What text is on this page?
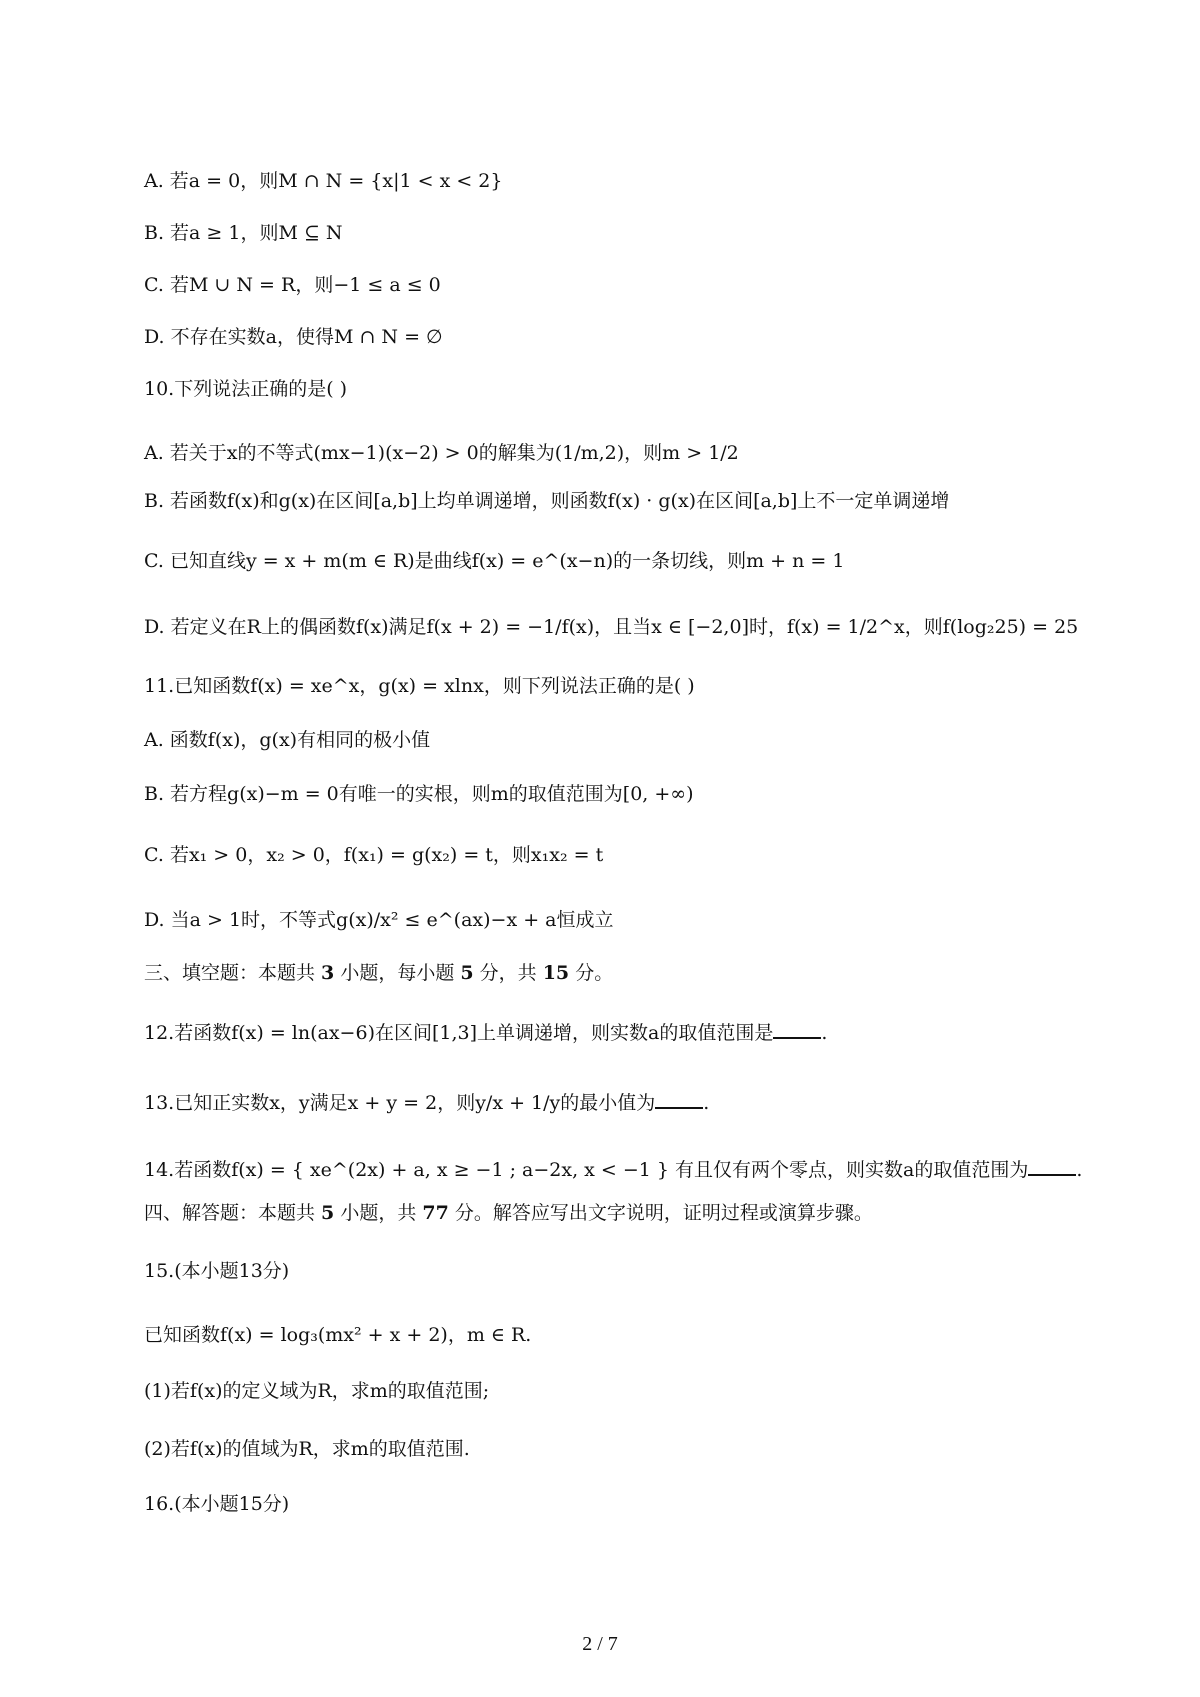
A. 若a = 0，则M ∩ N = {x|1 < x < 2}
B. 若a ≥ 1，则M ⊆ N
C. 若M ∪ N = R，则−1 ≤ a ≤ 0
D. 不存在实数a，使得M ∩ N = ∅
10.下列说法正确的是( )
A. 若关于x的不等式(mx−1)(x−2) > 0的解集为(1/m,2)，则m > 1/2
B. 若函数f(x)和g(x)在区间[a,b]上均单调递增，则函数f(x) · g(x)在区间[a,b]上不一定单调递增
C. 已知直线y = x + m(m ∈ R)是曲线f(x) = e^(x−n)的一条切线，则m + n = 1
D. 若定义在R上的偶函数f(x)满足f(x + 2) = −1/f(x)，且当x ∈ [−2,0]时，f(x) = 1/2^x，则f(log₂25) = 25
11.已知函数f(x) = xe^x，g(x) = xlnx，则下列说法正确的是( )
A. 函数f(x)，g(x)有相同的极小值
B. 若方程g(x)−m = 0有唯一的实根，则m的取值范围为[0, +∞)
C. 若x₁ > 0，x₂ > 0，f(x₁) = g(x₂) = t，则x₁x₂ = t
D. 当a > 1时，不等式g(x)/x² ≤ e^(ax)−x + a恒成立
三、填空题：本题共 3 小题，每小题 5 分，共 15 分。
12.若函数f(x) = ln(ax−6)在区间[1,3]上单调递增，则实数a的取值范围是	.
13.已知正实数x，y满足x + y = 2，则y/x + 1/y的最小值为	.
14.若函数f(x) = { xe^(2x) + a, x ≥ −1 ; a−2x, x < −1 } 有且仅有两个零点，则实数a的取值范围为	.
四、解答题：本题共 5 小题，共 77 分。解答应写出文字说明，证明过程或演算步骤。
15.(本小题13分)
已知函数f(x) = log₃(mx² + x + 2)，m ∈ R.
(1)若f(x)的定义域为R，求m的取值范围;
(2)若f(x)的值域为R，求m的取值范围.
16.(本小题15分)
2 / 7
